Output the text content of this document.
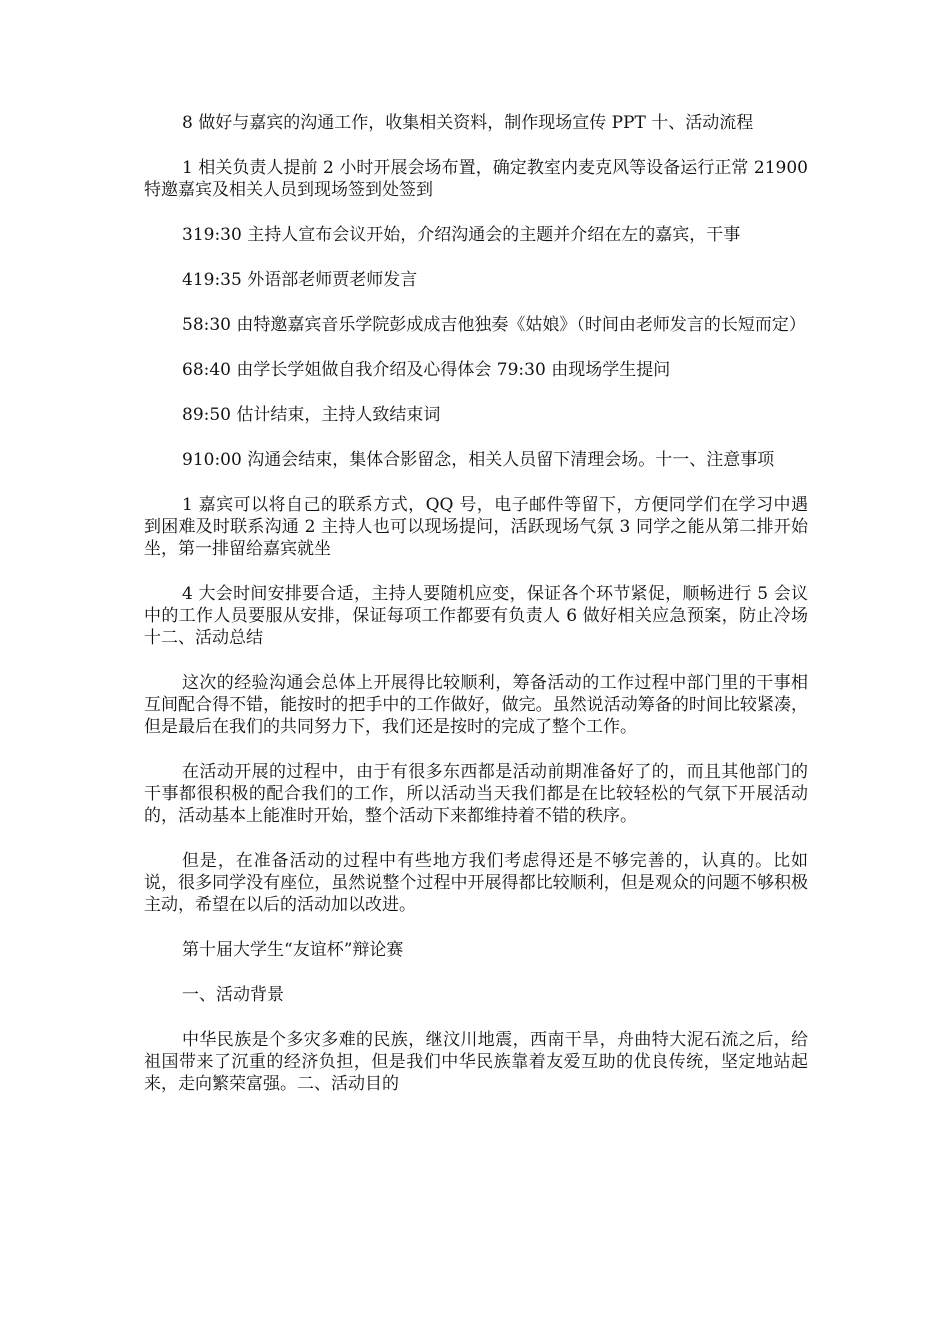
8 做好与嘉宾的沟通工作，收集相关资料，制作现场宣传 PPT 十、活动流程

1 相关负责人提前 2 小时开展会场布置，确定教室内麦克风等设备运行正常 21900 特邀嘉宾及相关人员到现场签到处签到

319:30 主持人宣布会议开始，介绍沟通会的主题并介绍在左的嘉宾，干事

419:35 外语部老师贾老师发言

58:30 由特邀嘉宾音乐学院彭成成吉他独奏《姑娘》（时间由老师发言的长短而定）

68:40 由学长学姐做自我介绍及心得体会 79:30 由现场学生提问

89:50 估计结束，主持人致结束词

910:00 沟通会结束，集体合影留念，相关人员留下清理会场。十一、注意事项

1 嘉宾可以将自己的联系方式，QQ 号，电子邮件等留下，方便同学们在学习中遇到困难及时联系沟通 2 主持人也可以现场提问，活跃现场气氛 3 同学之能从第二排开始坐，第一排留给嘉宾就坐

4 大会时间安排要合适，主持人要随机应变，保证各个环节紧促，顺畅进行 5 会议中的工作人员要服从安排，保证每项工作都要有负责人 6 做好相关应急预案，防止冷场十二、活动总结

这次的经验沟通会总体上开展得比较顺利，筹备活动的工作过程中部门里的干事相互间配合得不错，能按时的把手中的工作做好，做完。虽然说活动筹备的时间比较紧凑，但是最后在我们的共同努力下，我们还是按时的完成了整个工作。

在活动开展的过程中，由于有很多东西都是活动前期准备好了的，而且其他部门的干事都很积极的配合我们的工作，所以活动当天我们都是在比较轻松的气氛下开展活动的，活动基本上能准时开始，整个活动下来都维持着不错的秩序。

但是，在准备活动的过程中有些地方我们考虑得还是不够完善的，认真的。比如说，很多同学没有座位，虽然说整个过程中开展得都比较顺利，但是观众的问题不够积极主动，希望在以后的活动加以改进。

第十届大学生“友谊杯”辩论赛

一、活动背景

中华民族是个多灾多难的民族，继汶川地震，西南干旱，舟曲特大泥石流之后，给祖国带来了沉重的经济负担，但是我们中华民族靠着友爱互助的优良传统，坚定地站起来，走向繁荣富强。二、活动目的
